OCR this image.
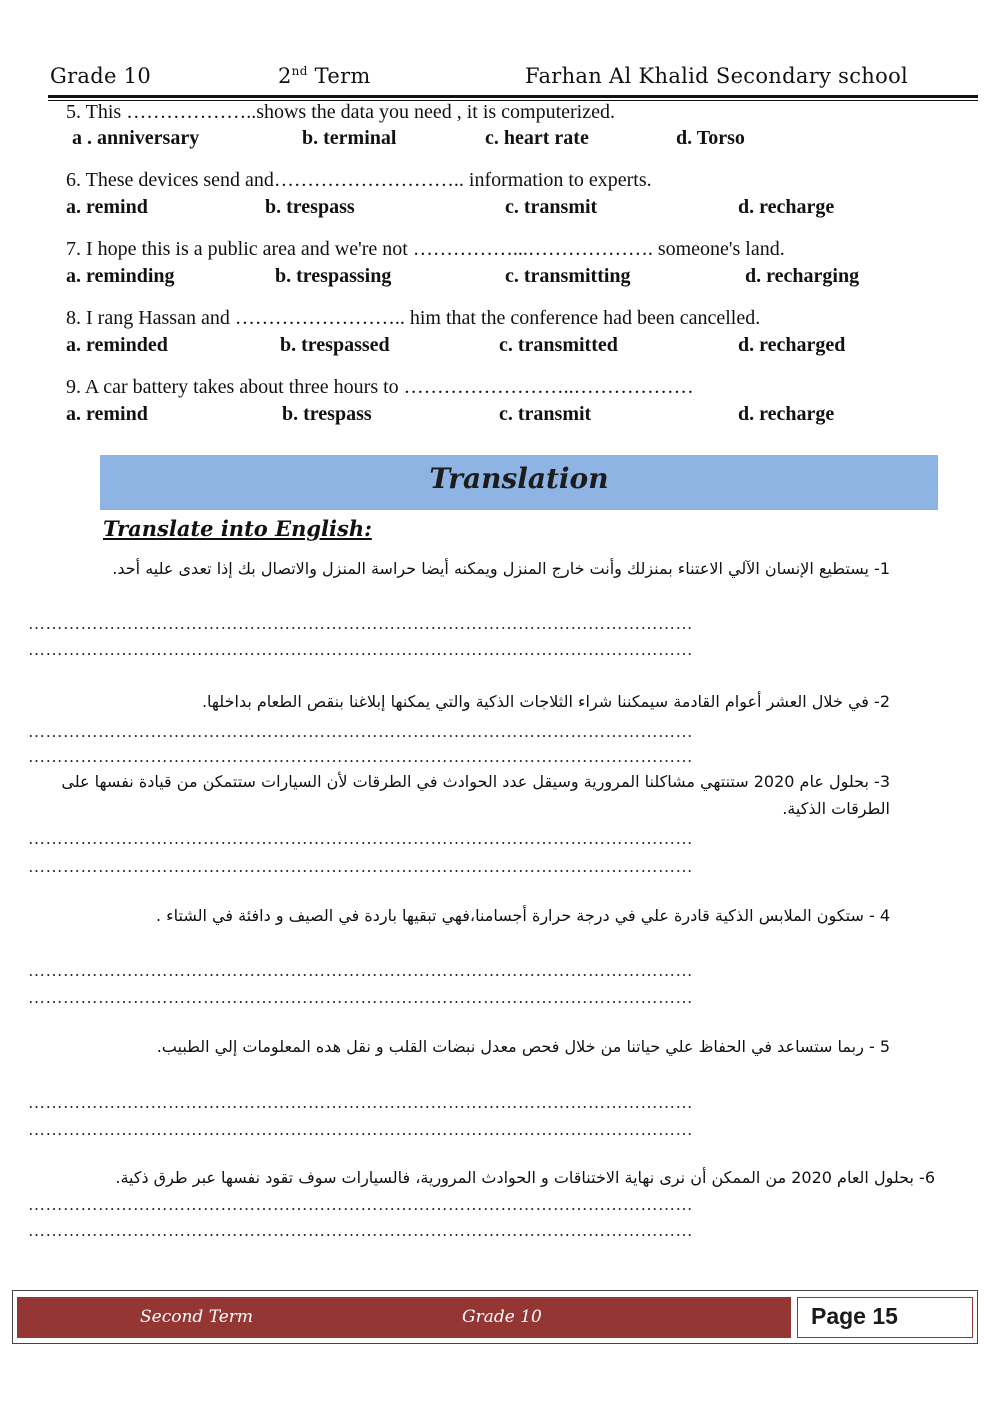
Grade 10	2nd Term	Farhan Al Khalid Secondary school
5. This ………………..shows the data you need , it is computerized.
a . anniversary	b. terminal	c. heart rate	d. Torso
6. These devices send and……………………….. information to experts.
a. remind	b. trespass	c. transmit	d. recharge
7. I hope this is a public area and we're not ……………...………………. someone's land.
a. reminding	b. trespassing	c. transmitting	d. recharging
8. I rang Hassan and …………………….. him that the conference had been cancelled.
a. reminded	b. trespassed	c. transmitted	d. recharged
9. A car battery takes about three hours to ……………………..………………
a. remind	b. trespass	c. transmit	d. recharge
Translation
Translate into English:
1- يستطيع الإنسان الآلي الاعتناء بمنزلك وأنت خارج المنزل ويمكنه أيضا حراسة المنزل والاتصال بك إذا تعدى عليه أحد.
……………………………………………………………………………………………………
……………………………………………………………………………………………………
2- في خلال العشر أعوام القادمة سيمكننا شراء الثلاجات الذكية والتي يمكنها إبلاغنا بنقص الطعام بداخلها.
……………………………………………………………………………………………………
……………………………………………………………………………………………………
3- بحلول عام 2020 ستنتهي مشاكلنا المرورية وسيقل عدد الحوادث في الطرقات لأن السيارات ستتمكن من قيادة نفسها على الطرقات الذكية.
……………………………………………………………………………………………………
……………………………………………………………………………………………………
4 - ستكون الملابس الذكية قادرة علي في درجة حرارة أجسامنا،فهي تبقيها باردة في الصيف و دافئة في الشتاء .
……………………………………………………………………………………………………
……………………………………………………………………………………………………
5 - ربما ستساعد في الحفاظ علي حياتنا من خلال فحص معدل نبضات القلب و نقل هده المعلومات إلي الطبيب.
……………………………………………………………………………………………………
……………………………………………………………………………………………………
6- بحلول العام 2020 من الممكن أن نرى نهاية الاختناقات و الحوادث المرورية، فالسيارات سوف تقود نفسها عبر طرق ذكية.
……………………………………………………………………………………………………
……………………………………………………………………………………………………
Second Term	Grade 10	Page 15
